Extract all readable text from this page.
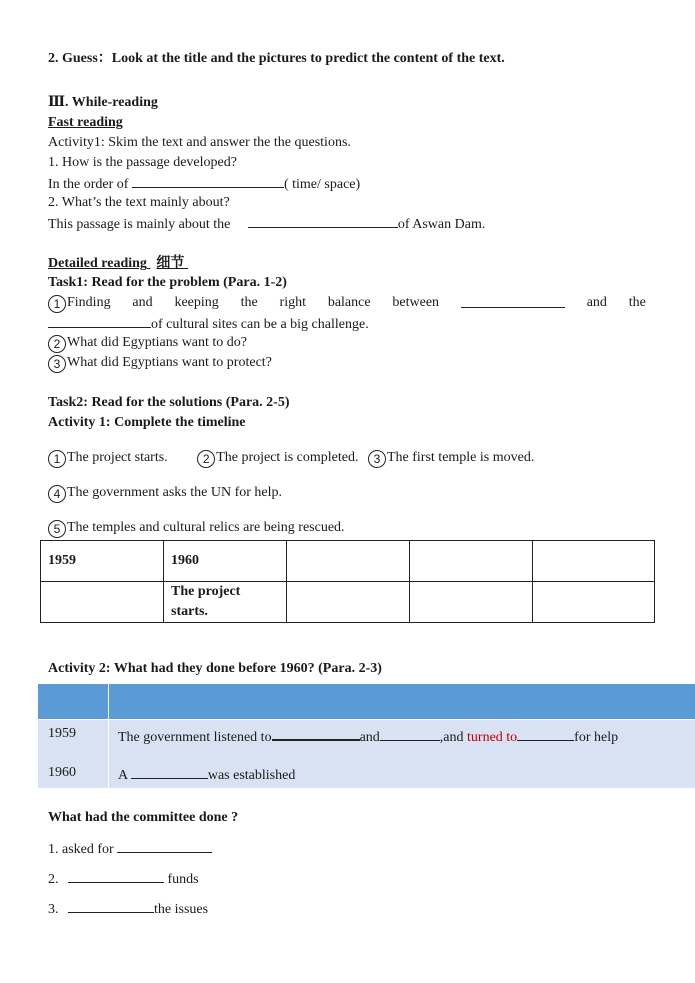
2. Guess：Look at the title and the pictures to predict the content of the text.
Ⅲ. While-reading
Fast reading
Activity1: Skim the text and answer the the questions.
1. How is the passage developed?
In the order of	( time/ space)
2. What’s the text mainly about?
This passage is mainly about the	of Aswan Dam.
Detailed reading 细节
Task1: Read for the problem (Para. 1-2)
1 Finding and keeping the right balance between	and the
of cultural sites can be a big challenge.
2 What did Egyptians want to do?
3 What did Egyptians want to protect?
Task2: Read for the solutions (Para. 2-5)
Activity 1: Complete the timeline
1 The project starts.	2 The project is completed. 3 The first temple is moved.
4 The government asks the UN for help.
5 The temples and cultural relics are being rescued.
1959	1960			
	The project starts.			
Activity 2: What had they done before 1960? (Para. 2-3)
1959	The government listened to	and	,and turned to	for help
1960	A	was established
What had the committee done ?
1. asked for
2.	funds
3.	the issues
